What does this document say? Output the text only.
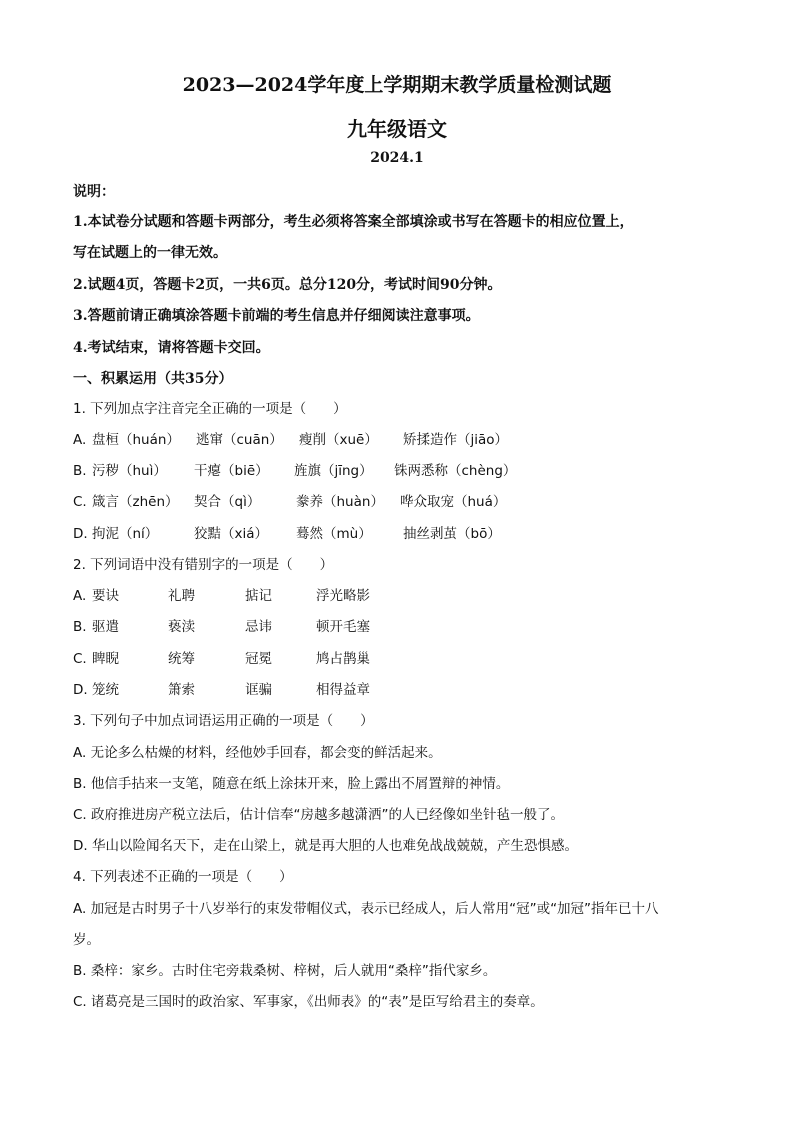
2023—2024学年度上学期期末教学质量检测试题
九年级语文
2024.1
说明：
1.本试卷分试题和答题卡两部分，考生必须将答案全部填涂或书写在答题卡的相应位置上，
写在试题上的一律无效。
2.试题4页，答题卡2页，一共6页。总分120分，考试时间90分钟。
3.答题前请正确填涂答题卡前端的考生信息并仔细阅读注意事项。
4.考试结束，请将答题卡交回。
一、积累运用（共35分）
1. 下列加点字注音完全正确的一项是（　　）
A. 盘桓（huán） 逃窜（cuān） 瘦削（xuē） 矫揉造作（jiāo）
B. 污秽（huì） 干瘪（biē） 旌旗（jīng） 铢两悉称（chèng）
C. 箴言（zhēn） 契合（qì）	豢养（huàn） 哗众取宠（huá）
D. 拘泥（ní）	狡黠（xiá） 蓦然（mù） 抽丝剥茧（bō）
2. 下列词语中没有错别字的一项是（　　）
A. 要诀	礼聘	掂记	浮光略影
B. 驱遣	亵渎	忌讳	顿开毛塞
C. 睥睨	统筹	冠冕	鸠占鹊巢
D. 笼统	箫索	诓骗	相得益章
3. 下列句子中加点词语运用正确的一项是（　　）
A. 无论多么枯燥的材料，经他妙手回春，都会变的鲜活起来。
B. 他信手拈来一支笔，随意在纸上涂抹开来，脸上露出不屑置辩的神情。
C. 政府推进房产税立法后，估计信奉“房越多越潇洒”的人已经像如坐针毡一般了。
D. 华山以险闻名天下，走在山梁上，就是再大胆的人也难免战战兢兢，产生恐惧感。
4. 下列表述不正确的一项是（　　）
A. 加冠是古时男子十八岁举行的束发带帽仪式，表示已经成人，后人常用“冠”或“加冠”指年已十八
岁。
B. 桑梓：家乡。古时住宅旁栽桑树、梓树，后人就用“桑梓”指代家乡。
C. 诸葛亮是三国时的政治家、军事家，《出师表》的“表”是臣写给君主的奏章。
